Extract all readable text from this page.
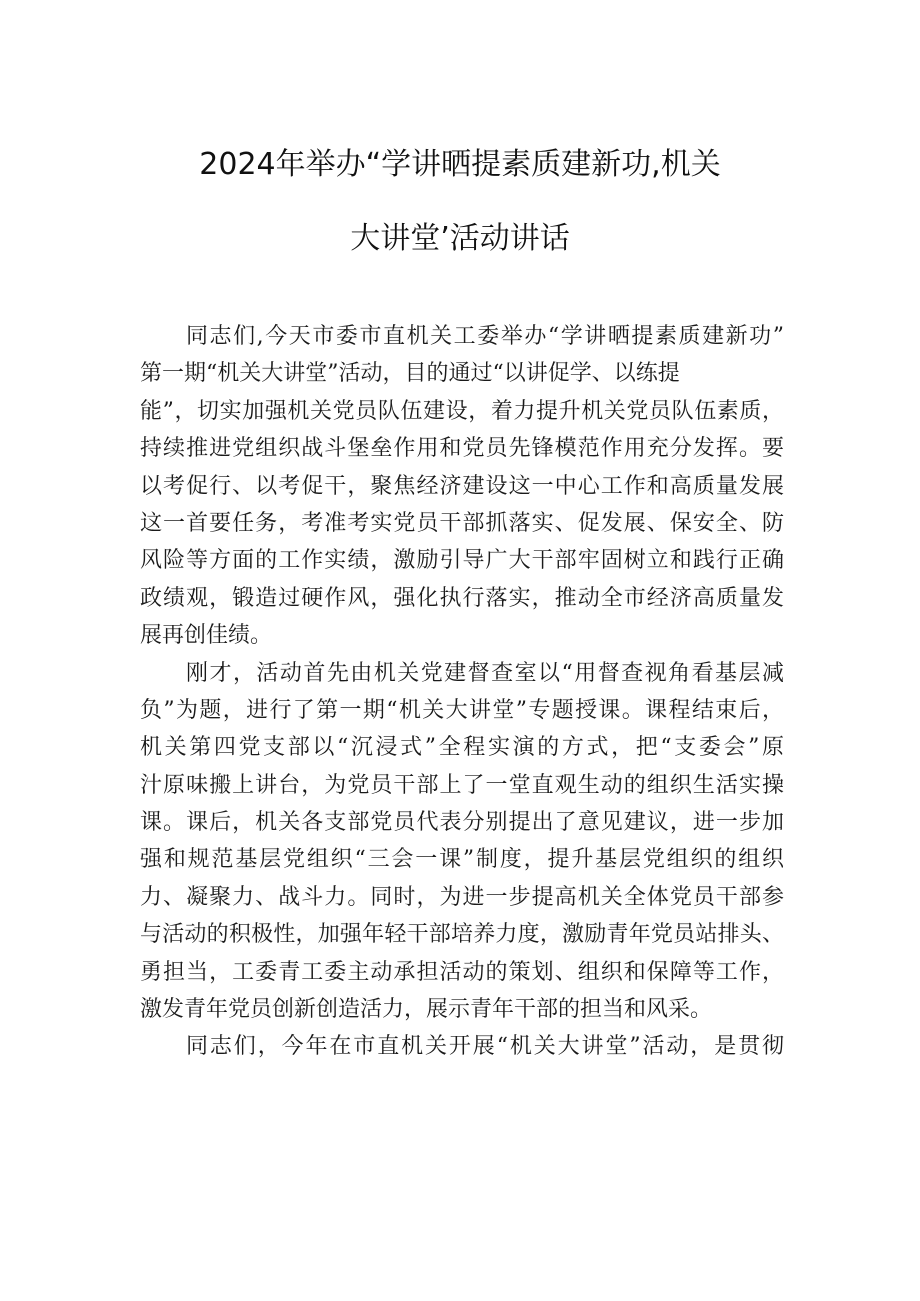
2024年举办“学讲晒提素质建新功,机关
大讲堂’活动讲话
同志们,今天市委市直机关工委举办“学讲晒提素质建新功”
第一期“机关大讲堂”活动，目的通过“以讲促学、以练提
能”，切实加强机关党员队伍建设，着力提升机关党员队伍素质，
持续推进党组织战斗堡垒作用和党员先锋模范作用充分发挥。要
以考促行、以考促干，聚焦经济建设这一中心工作和高质量发展
这一首要任务，考准考实党员干部抓落实、促发展、保安全、防
风险等方面的工作实绩，激励引导广大干部牢固树立和践行正确
政绩观，锻造过硬作风，强化执行落实，推动全市经济高质量发
展再创佳绩。
刚才，活动首先由机关党建督查室以“用督查视角看基层减
负”为题，进行了第一期“机关大讲堂”专题授课。课程结束后，
机关第四党支部以“沉浸式”全程实演的方式，把“支委会”原
汁原味搬上讲台，为党员干部上了一堂直观生动的组织生活实操
课。课后，机关各支部党员代表分别提出了意见建议，进一步加
强和规范基层党组织“三会一课”制度，提升基层党组织的组织
力、凝聚力、战斗力。同时，为进一步提高机关全体党员干部参
与活动的积极性，加强年轻干部培养力度，激励青年党员站排头、
勇担当，工委青工委主动承担活动的策划、组织和保障等工作，
激发青年党员创新创造活力，展示青年干部的担当和风采。
同志们，今年在市直机关开展“机关大讲堂”活动，是贯彻
